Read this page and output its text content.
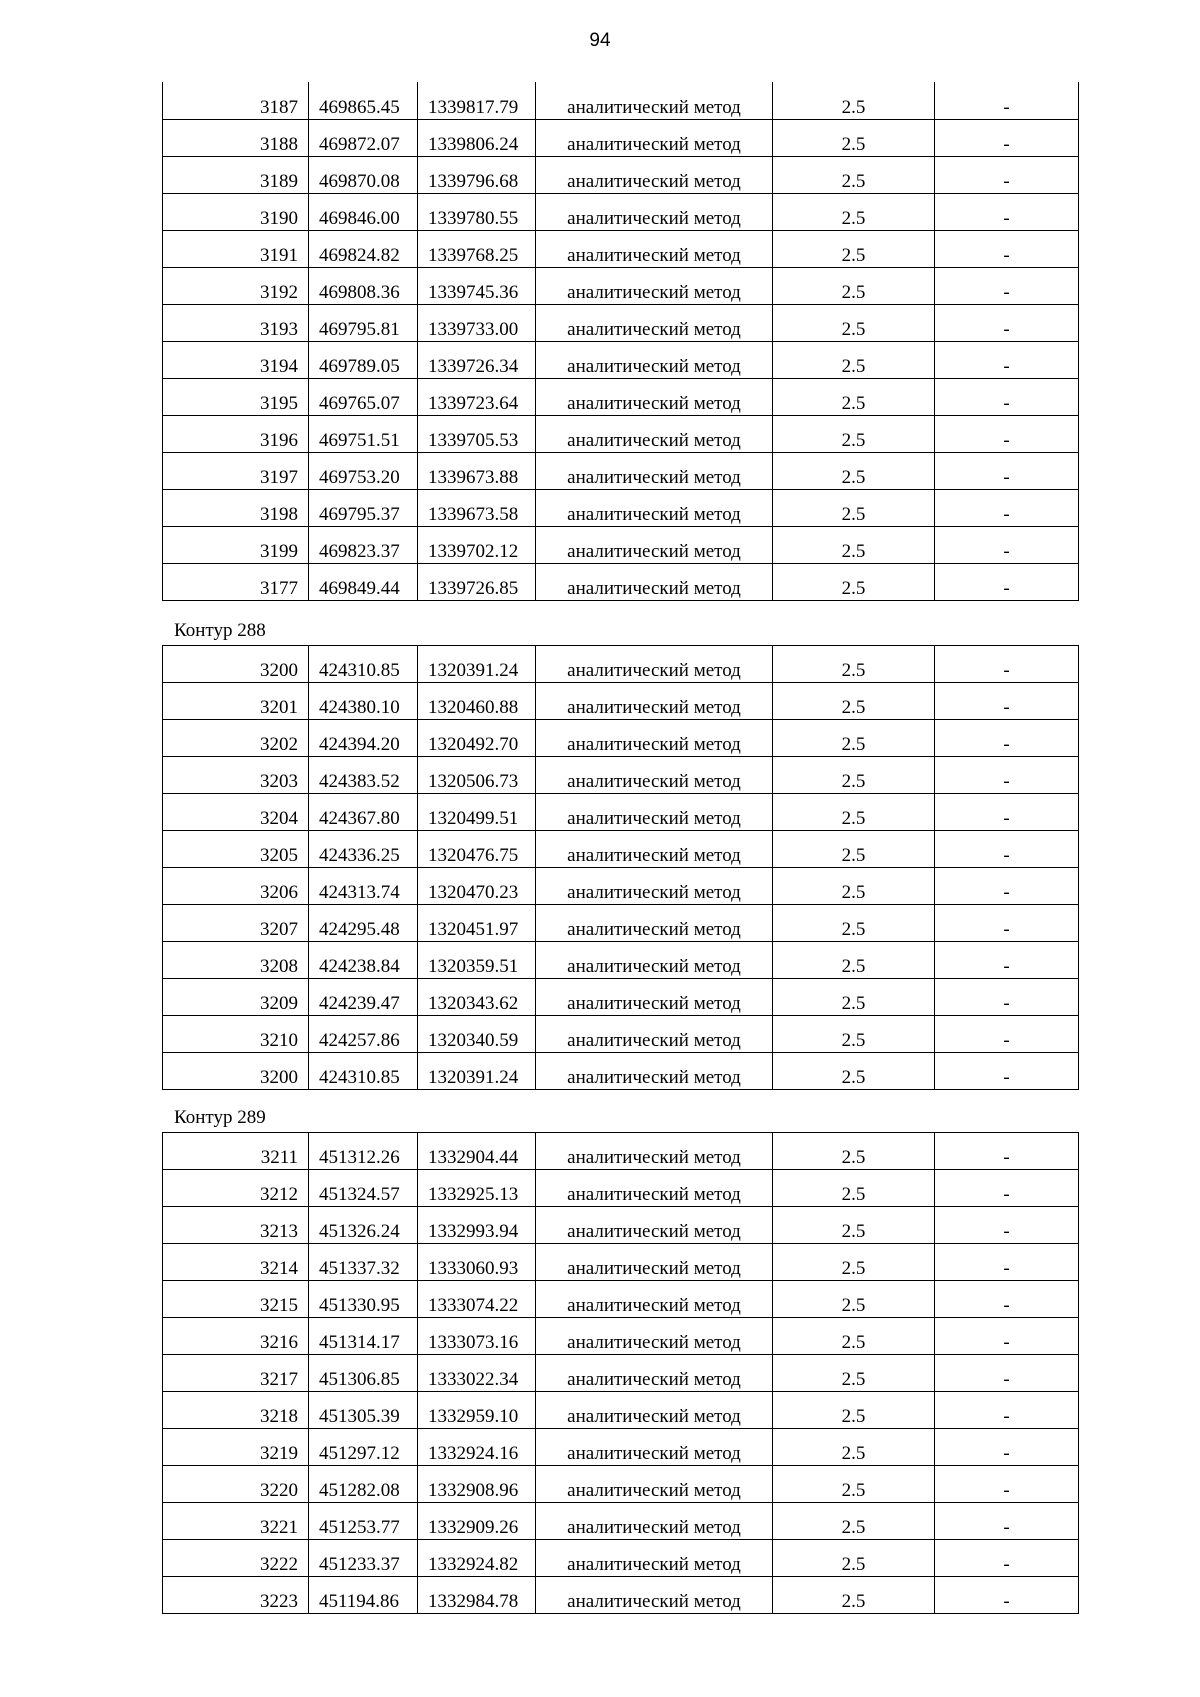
94
3187	469865.45	1339817.79	аналитический метод	2.5	-
3188	469872.07	1339806.24	аналитический метод	2.5	-
3189	469870.08	1339796.68	аналитический метод	2.5	-
3190	469846.00	1339780.55	аналитический метод	2.5	-
3191	469824.82	1339768.25	аналитический метод	2.5	-
3192	469808.36	1339745.36	аналитический метод	2.5	-
3193	469795.81	1339733.00	аналитический метод	2.5	-
3194	469789.05	1339726.34	аналитический метод	2.5	-
3195	469765.07	1339723.64	аналитический метод	2.5	-
3196	469751.51	1339705.53	аналитический метод	2.5	-
3197	469753.20	1339673.88	аналитический метод	2.5	-
3198	469795.37	1339673.58	аналитический метод	2.5	-
3199	469823.37	1339702.12	аналитический метод	2.5	-
3177	469849.44	1339726.85	аналитический метод	2.5	-
Контур 288
3200	424310.85	1320391.24	аналитический метод	2.5	-
3201	424380.10	1320460.88	аналитический метод	2.5	-
3202	424394.20	1320492.70	аналитический метод	2.5	-
3203	424383.52	1320506.73	аналитический метод	2.5	-
3204	424367.80	1320499.51	аналитический метод	2.5	-
3205	424336.25	1320476.75	аналитический метод	2.5	-
3206	424313.74	1320470.23	аналитический метод	2.5	-
3207	424295.48	1320451.97	аналитический метод	2.5	-
3208	424238.84	1320359.51	аналитический метод	2.5	-
3209	424239.47	1320343.62	аналитический метод	2.5	-
3210	424257.86	1320340.59	аналитический метод	2.5	-
3200	424310.85	1320391.24	аналитический метод	2.5	-
Контур 289
3211	451312.26	1332904.44	аналитический метод	2.5	-
3212	451324.57	1332925.13	аналитический метод	2.5	-
3213	451326.24	1332993.94	аналитический метод	2.5	-
3214	451337.32	1333060.93	аналитический метод	2.5	-
3215	451330.95	1333074.22	аналитический метод	2.5	-
3216	451314.17	1333073.16	аналитический метод	2.5	-
3217	451306.85	1333022.34	аналитический метод	2.5	-
3218	451305.39	1332959.10	аналитический метод	2.5	-
3219	451297.12	1332924.16	аналитический метод	2.5	-
3220	451282.08	1332908.96	аналитический метод	2.5	-
3221	451253.77	1332909.26	аналитический метод	2.5	-
3222	451233.37	1332924.82	аналитический метод	2.5	-
3223	451194.86	1332984.78	аналитический метод	2.5	-
